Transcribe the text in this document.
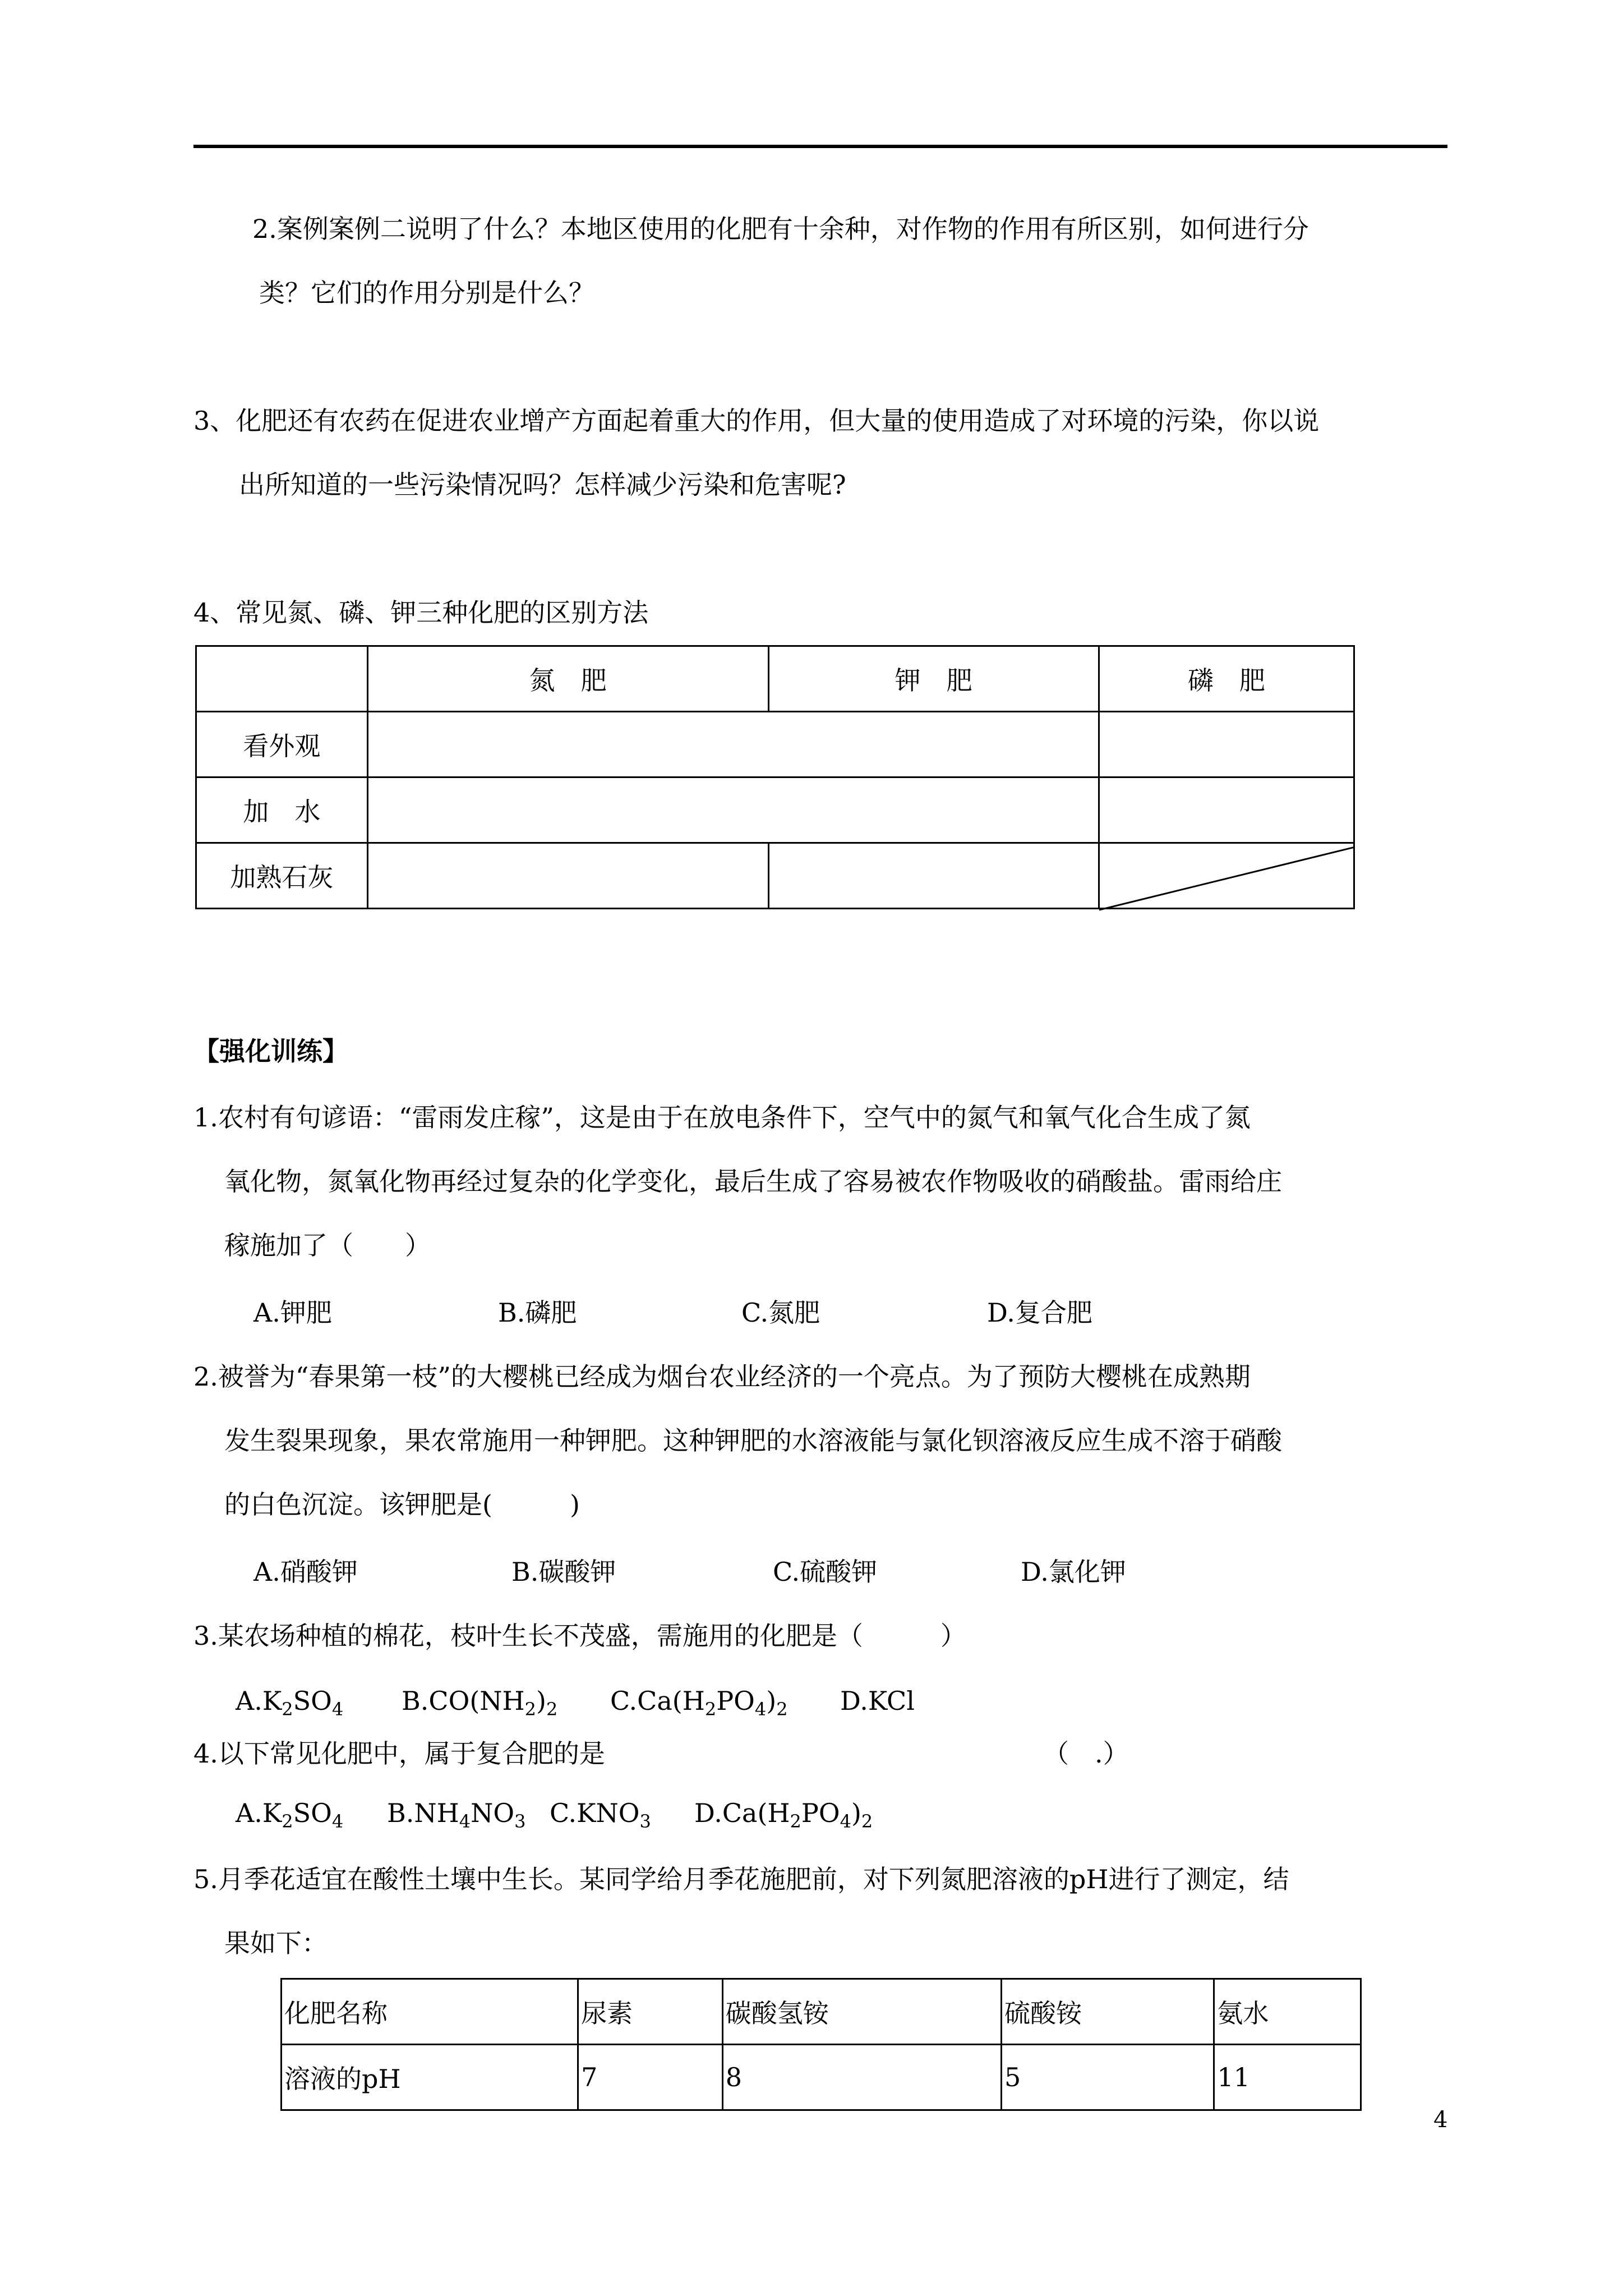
2.案例案例二说明了什么？本地区使用的化肥有十余种，对作物的作用有所区别，如何进行分
类？它们的作用分别是什么？
3、化肥还有农药在促进农业增产方面起着重大的作用，但大量的使用造成了对环境的污染，你以说
出所知道的一些污染情况吗？怎样减少污染和危害呢?
4、常见氮、磷、钾三种化肥的区别方法
	氮　肥	钾　肥	磷　肥
看外观			
加　水			
加熟石灰			
【强化训练】
1.农村有句谚语：“雷雨发庄稼”，这是由于在放电条件下，空气中的氮气和氧气化合生成了氮
氧化物，氮氧化物再经过复杂的化学变化，最后生成了容易被农作物吸收的硝酸盐。雷雨给庄
稼施加了（　　）
A.钾肥	B.磷肥	C.氮肥	D.复合肥
2.被誉为“春果第一枝”的大樱桃已经成为烟台农业经济的一个亮点。为了预防大樱桃在成熟期
发生裂果现象，果农常施用一种钾肥。这种钾肥的水溶液能与氯化钡溶液反应生成不溶于硝酸
的白色沉淀。该钾肥是(　　　)
A.硝酸钾	B.碳酸钾	C.硫酸钾	D.氯化钾
3.某农场种植的棉花，枝叶生长不茂盛，需施用的化肥是（　　　）
$A.K_2SO_4$ $B.CO(NH_2)_2$ $C.Ca(H_2PO_4)_2$ D.KCl
4.以下常见化肥中，属于复合肥的是	（　.）
$A.K_2SO_4$ $B.NH_4NO_3$ $C.KNO_3$ $D.Ca(H_2PO_4)_2$
5.月季花适宜在酸性土壤中生长。某同学给月季花施肥前，对下列氮肥溶液的pH进行了测定，结
果如下：
化肥名称	尿素	碳酸氢铵	硫酸铵	氨水
溶液的pH	7	8	5	11
4
